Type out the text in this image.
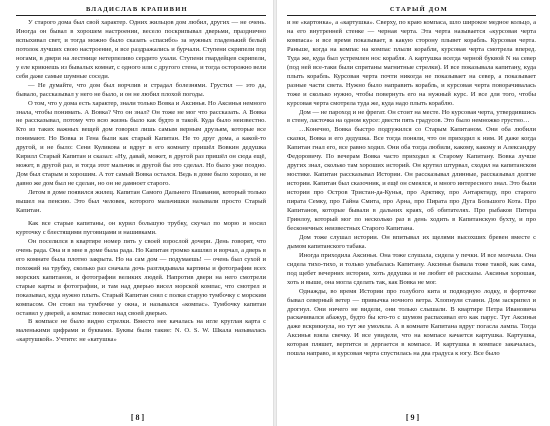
ВЛАДИСЛАВ КРАПИВИН

У старого дома был свой характер. Одних жильцов дом любил, других — не очень. Иногда он бывал в хорошем настроении, весело поскрипывал дверьми, празднично вспыхивал свет, и тогда можно было сказать «спасибо» за нужных гладенький белый потолок лучших свою настроение, и все раздражались и бурчали. Ступени скрипели под ногами, в двери на лестнице нетерпеливо сердито ухали. Ступени гвардейцев скрипели, у еле крикнешь из бывалых комнат, с одного или с другого стена, и тогда осторожно вели себя даже самые шумные соседи.

— Не думайте, что дом был ворчлив и страдал болезнями. Грустил — это да, бывало, рассказывал у него не было, и он не любил плохой погоды.

О том, что у дома есть характер, знали только Вовка и Аксинья. Но Аксинья немного знала, чтобы понимать. А Вовка? Что он знал? Он тоже не мог что рассказать. А Вовка не рассказывал, потому что всю жизнь было как будто в такой. Куда было неизвестно. Кто из таких важных вещей дом говорил лишь самым верным друзьям, которые все понимают. Но Вовка и Гена были как старый Капитан. Не то друг дома, а какой-то другой, и не было: Сени Куликова и вдруг в его комнату пришёл Вовкин дедушка Кирилл Старый Капитан и сказал: «Ну, давай, может, в другой раз пришёл он сюда ещё, может, в другой раз, и тогда этот мальчик и другой бы это сделал. Но было уже поздно. Дом был старым и хорошим. А тот самый Вовка остался. Ведь в доме было хорошо, и не давно же дом был не сделан, но он не дамноет старого.

Летом в доме появился жилец. Капитан Самого Дальнего Плавания, который только вышел на пенсию. Это был человек, которого мальчишки называли просто Старый Капитан.

Как все старые капитаны, он курил большую трубку, скучал по морю и носил курточку с блестящими пуговицами и нашивками.

Он поселился в квартире номер пять у своей взрослой дочери. День говорят, что очень рада. Она и в мне в доме была рада. Но Капитан громко кашлял и ворчал, а дверь в его комнате была плотно закрыта. Но на сам дом — подумаешь! — очень был сухой и похожий на трубку, сколько раз сначала дочь разглядывала картины и фотографии всех морских капитанов, и фотографии великих людей. Напротив двери на него смотрели старые карты и фотографии, и там над дверью висел морской компас, что смотрел и показывал, куда нужно плыть. Старый Капитан снял с полки старую тумбочку с морским компасом. Он стоял на тумбочке у окна, и назывался «компас». Тумбочку капитан оставил у дверей, а компас повесил над своей дверью.

В компасе не было видно стрелки. Вместо нее качалась на игле круглая карта с маленькими цифрами и буквами. Буквы были такие: N. O. S. W. Шкала называлась «картушкой». Учтите: не «катушка»

[ 8 ]
СТАРЫЙ ДОМ

и не «картонка», а «картушка». Сверху, по краю компаса, шло широкое медное кольцо, а на его внутренней стенке — черная черта. Эта черта называется «курсовая черта компаса» и все время показывает, в какую сторону плывет корабль. Курсовая черта. Раньше, когда на компас на компас плыли корабли, курсовая черта смотрела вперед. Туда же, куда был устремлен нос корабля. А картушка всегда черной буквой N на север (под ней все-таки были спрятаны магнитные стрелки). И все показывала капитану, куда плыть корабль. Курсовая черта почти никогда не показывает на север, а показывает разные части света. Нужно было направить корабль, и курсовая черта поворачивалась тоже и сколько нужно, чтобы повернуть его на нужный курс. И все для того, чтобы курсовая черта смотрела туда же, куда надо плыть кораблю.

Дом — не пароход и не фрегат. Он стоит на месте. Но курсовая черта, утвердившись в стену, ласточка на одном курсе: двести пять градусов. Это было немножко грустно…

…Конечно, Вовка быстро подружился со Старым Капитаном. Они оба любили сказки, Вовка и его дедушка. Все тогда поняли, что он приходил к ним. И даже когда Капитан гнал его, все равно ходил. Они оба тогда любили, какому, какому и Александру Федоровичу. По вечерам Вовка часто приходил к Старому Капитану. Вовка лучше других знал, сколько там хороших историй. Он крутил штурвал, сходил на капитанском мостике. Капитан рассказывал Истории. Он рассказывал длинные, рассказывал долгие истории. Капитан был сказочник, и ещё он смеялся, и много интересного знал. Это были истории про Остров Тристан-да-Кунья, про Арктику, про Антарктиду, про старого пирата Семку, про Гайна Смита, про Арна, про Пирата про Дуга Большого Кота. Про Капитанов, которые бывали в дальних краях, об обитателях. Про рыбаков Питера Гринлоу, который мог по несколько раз в день ходить в Капитанскую бухту, и про бесконечных неизвестных Старого Капитана.

Дом тоже слушал истории. Он впитывал их щелями высохших бревен вместе с дымом капитанского табака.

Иногда приходила Аксинья. Она тоже слушала, сидела у печки. И все молчала. Она сидела тихо-тихо, и только улыбалась Капитану. Аксинья бывала тоже такой, как сама, под щебет вечерних истории, хоть дедушка и не любит её рассказы. Аксинья хорошая, хоть и выше, она могла сделать так, как Вовка не мог.

Однажды, во время Истории про голубого кита и подводную лодку, в форточке бывал северный ветер — привычка ночного ветра. Хлопнули ставни. Дом заскрипел и дрогнул. Они ничего не видели, они только слышали. В квартире Петра Ивановича раскачивался абажур, будто бы кто-то с шумом распахивал его как парус. Тут Аксинья даже вскрикнула, но тут же умолкла. А в комнате Капитана вдруг погасла лампа. Тогда Аксинья взяла свечку. И все увидели, что на компасе качается картушка. Картушка, которая пляшет, вертится и дергается в компасе. И картушка в компасе закачалась, пошла направо, и курсовая черта спустилась на два градуса к югу. Все было

[ 9 ]
